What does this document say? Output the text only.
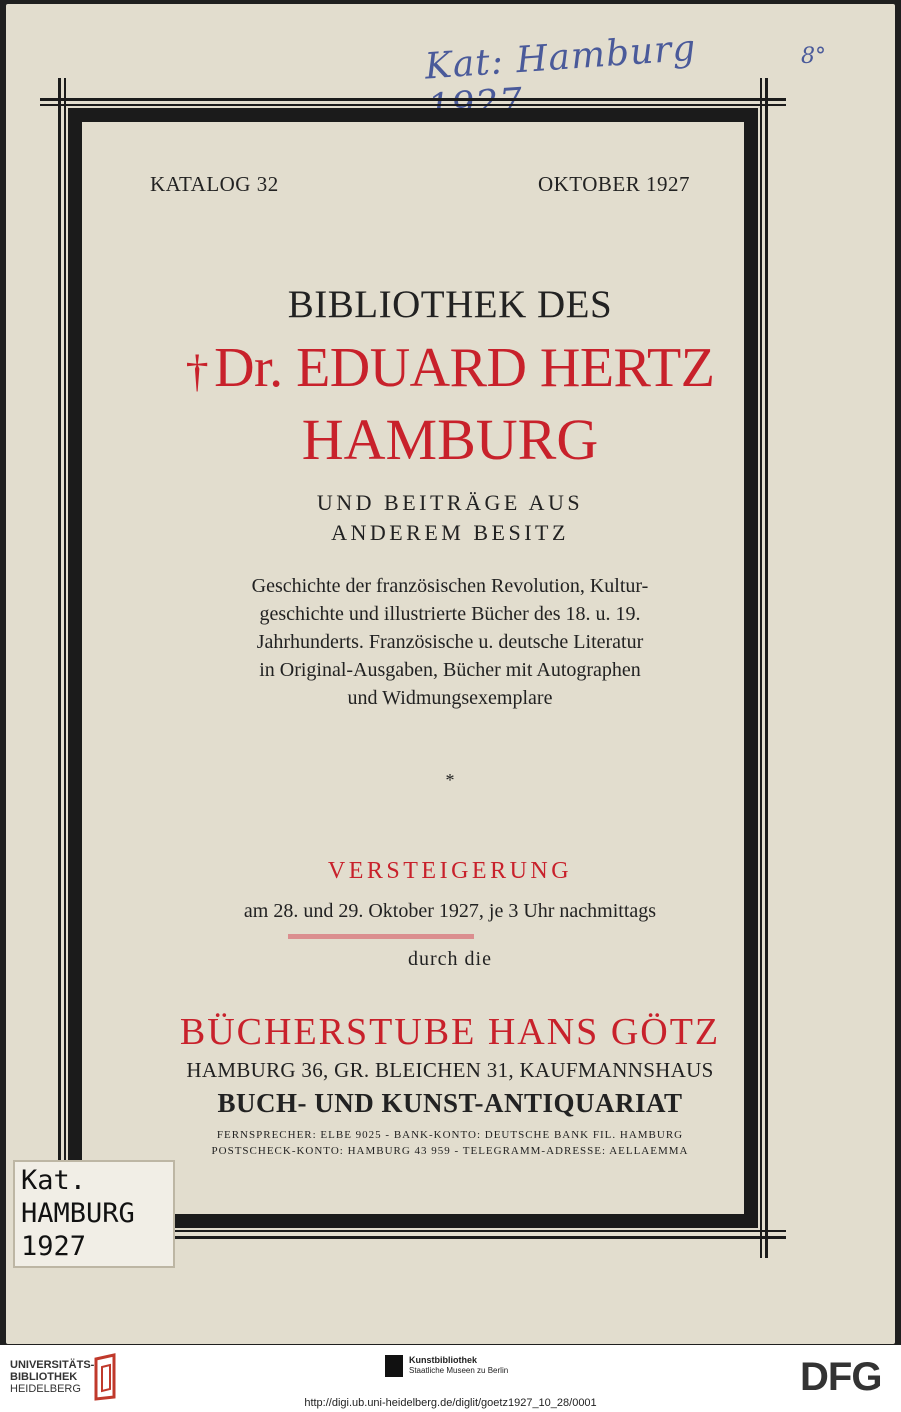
Kat: Hamburg	8°
KATALOG 32	OKTOBER 1927
BIBLIOTHEK DES
† Dr. EDUARD HERTZ
HAMBURG
UND BEITRÄGE AUS
ANDEREM BESITZ
Geschichte der französischen Revolution, Kultur-
geschichte und illustrierte Bücher des 18. u. 19.
Jahrhunderts. Französische u. deutsche Literatur
in Original-Ausgaben, Bücher mit Autographen
und Widmungsexemplare
*
VERSTEIGERUNG
am 28. und 29. Oktober 1927, je 3 Uhr nachmittags
durch die
BÜCHERSTUBE HANS GÖTZ
HAMBURG 36, GR. BLEICHEN 31, KAUFMANNSHAUS
BUCH- UND KUNST-ANTIQUARIAT
FERNSPRECHER: ELBE 9025 - BANK-KONTO: DEUTSCHE BANK FIL. HAMBURG
POSTSCHECK-KONTO: HAMBURG 43 959 - TELEGRAMM-ADRESSE: AELLAEMMA
Kat.
HAMBURG
1927
UNIVERSITÄTS-
BIBLIOTHEK
HEIDELBERG
Kunstbibliothek
Staatliche Museen zu Berlin	DFG
http://digi.ub.uni-heidelberg.de/diglit/goetz1927_10_28/0001
